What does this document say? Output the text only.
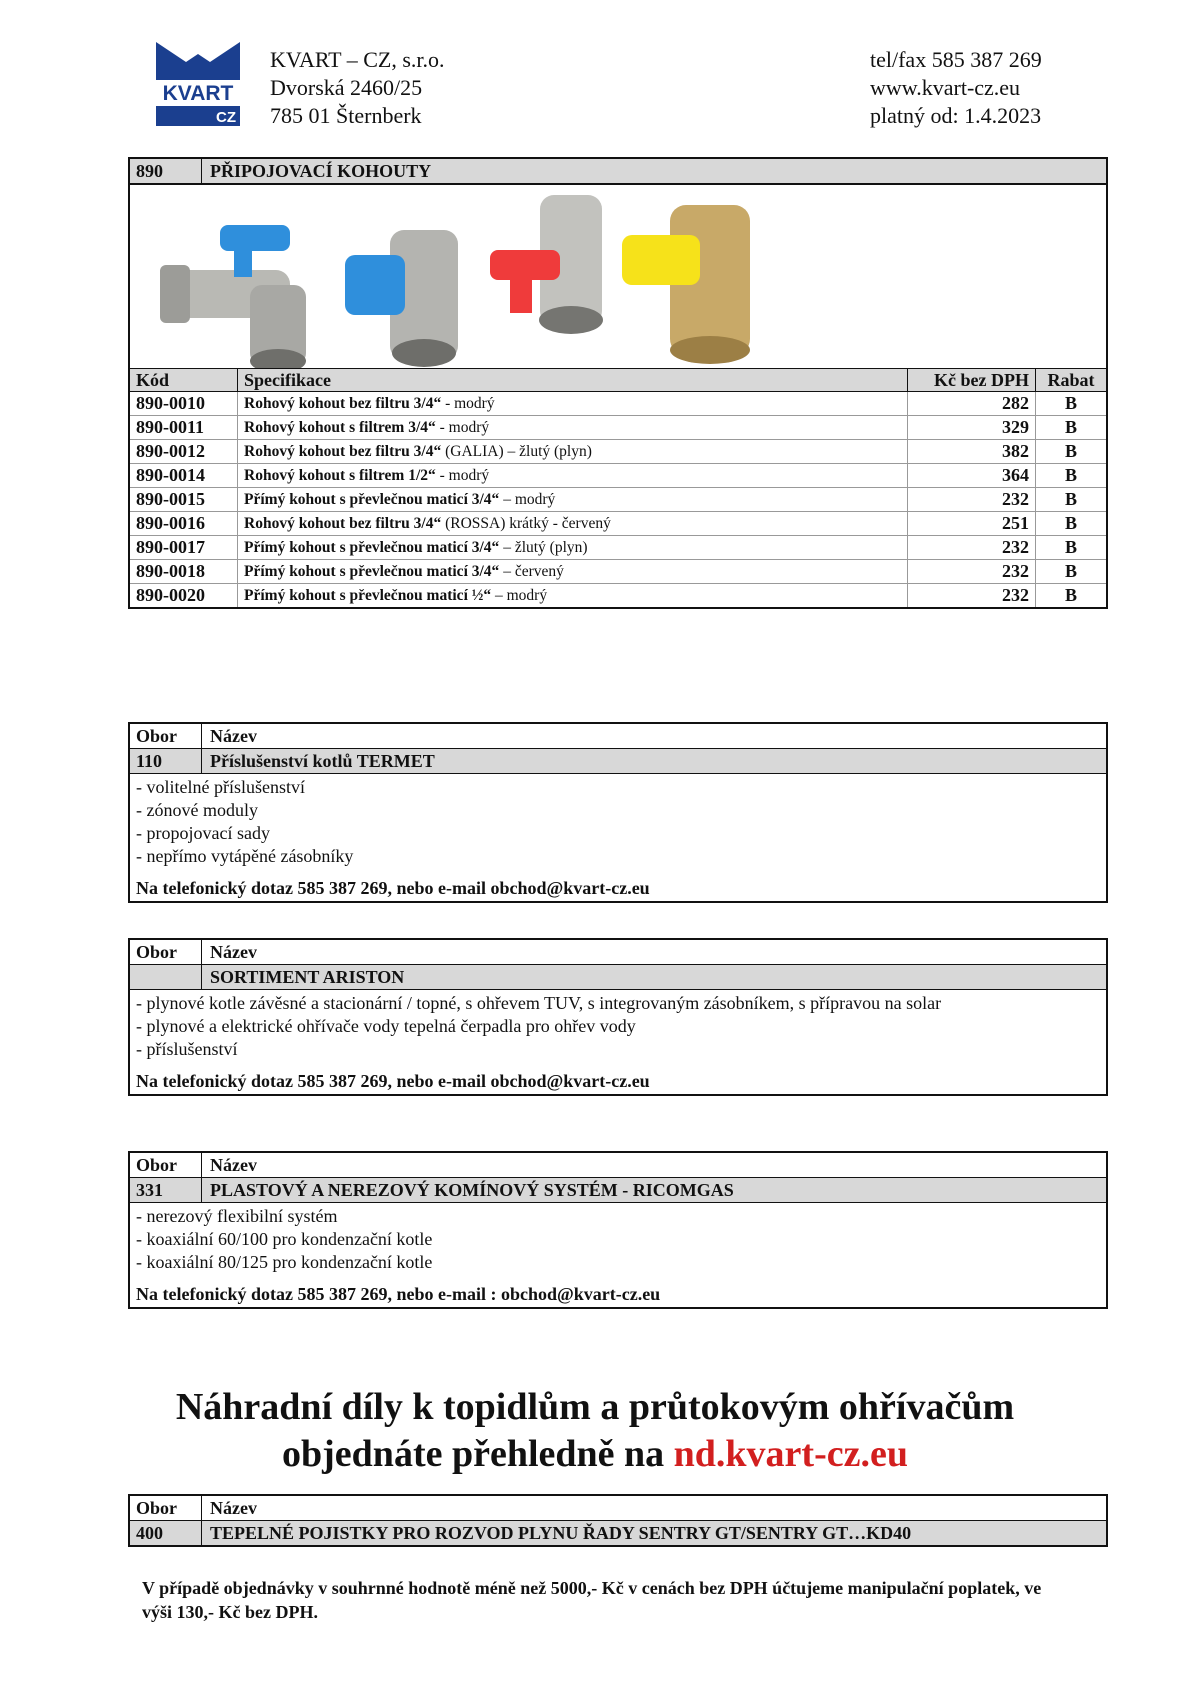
KVART
CZ
KVART – CZ, s.r.o.
Dvorská 2460/25
785 01 Šternberk
tel/fax 585 387 269
www.kvart-cz.eu
platný od: 1.4.2023
890	PŘIPOJOVACÍ KOHOUTY
Kód	Specifikace	Kč bez DPH	Rabat
890-0010	Rohový kohout bez filtru 3/4“ - modrý	282	B
890-0011	Rohový kohout s filtrem 3/4“ - modrý	329	B
890-0012	Rohový kohout bez filtru 3/4“ (GALIA) – žlutý (plyn)	382	B
890-0014	Rohový kohout s filtrem 1/2“ - modrý	364	B
890-0015	Přímý kohout s převlečnou maticí 3/4“ – modrý	232	B
890-0016	Rohový kohout bez filtru 3/4“ (ROSSA) krátký - červený	251	B
890-0017	Přímý kohout s převlečnou maticí 3/4“ – žlutý (plyn)	232	B
890-0018	Přímý kohout s převlečnou maticí 3/4“ – červený	232	B
890-0020	Přímý kohout s převlečnou maticí ½“ – modrý	232	B
Obor	Název
110	Příslušenství kotlů TERMET
- volitelné příslušenství
- zónové moduly
- propojovací sady
- nepřímo vytápěné zásobníky
Na telefonický dotaz 585 387 269, nebo e-mail obchod@kvart-cz.eu
Obor	Název
SORTIMENT ARISTON
- plynové kotle závěsné a stacionární / topné, s ohřevem TUV, s integrovaným zásobníkem, s přípravou na solar
- plynové a elektrické ohřívače vody tepelná čerpadla pro ohřev vody
- příslušenství
Na telefonický dotaz 585 387 269, nebo e-mail obchod@kvart-cz.eu
Obor	Název
331	PLASTOVÝ A NEREZOVÝ KOMÍNOVÝ SYSTÉM - RICOMGAS
- nerezový flexibilní systém
- koaxiální 60/100 pro kondenzační kotle
- koaxiální 80/125 pro kondenzační kotle
Na telefonický dotaz 585 387 269, nebo e-mail : obchod@kvart-cz.eu
Náhradní díly k topidlům a průtokovým ohřívačům
objednáte přehledně na nd.kvart-cz.eu
Obor	Název
400	TEPELNÉ POJISTKY PRO ROZVOD PLYNU ŘADY SENTRY GT/SENTRY GT…KD40
V případě objednávky v souhrnné hodnotě méně než 5000,- Kč v cenách bez DPH účtujeme manipulační poplatek, ve výši 130,- Kč bez DPH.
